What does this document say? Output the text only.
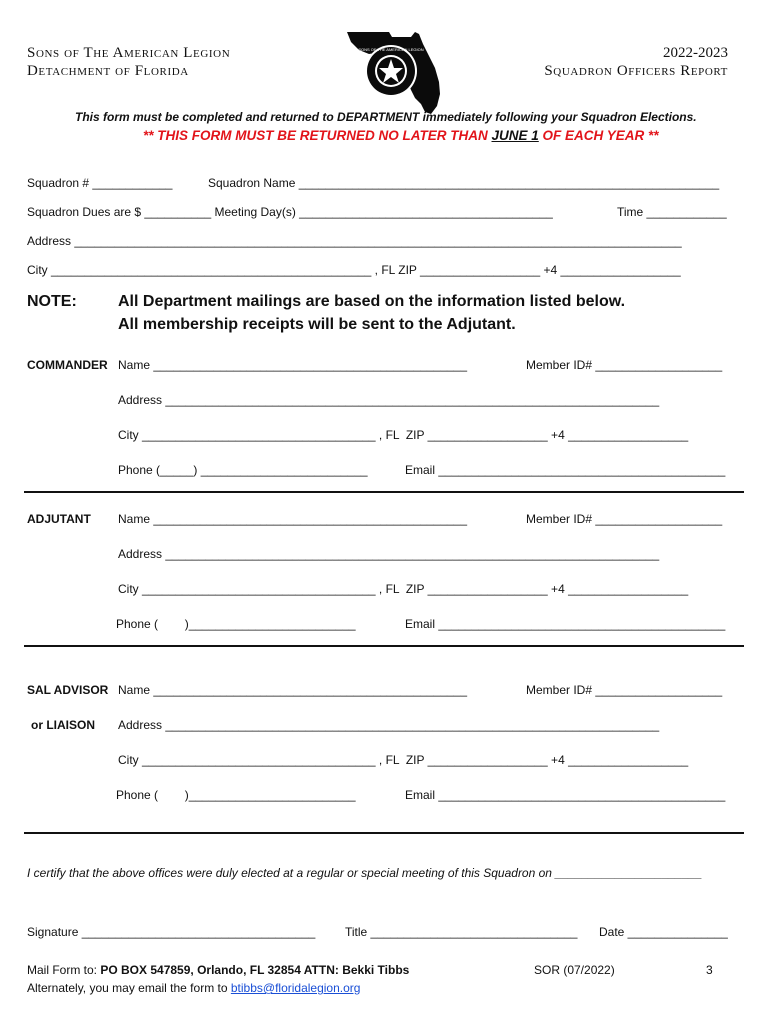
Sons of The American Legion
Detachment of Florida
2022-2023
Squadron Officers Report

SONS OF THE AMERICAN LEGION

This form must be completed and returned to DEPARTMENT immediately following your Squadron Elections.
** THIS FORM MUST BE RETURNED NO LATER THAN JUNE 1 OF EACH YEAR **
Squadron # ____________	Squadron Name _______________________________________________________________
Squadron Dues are $ __________ Meeting Day(s) ______________________________________	Time ____________
Address ___________________________________________________________________________________________
City ________________________________________________ , FL ZIP __________________ +4 __________________
NOTE:	All Department mailings are based on the information listed below.
All membership receipts will be sent to the Adjutant.
COMMANDER Name _______________________________________________	Member ID# ___________________
Address __________________________________________________________________________
City ___________________________________ , FL  ZIP __________________ +4 __________________
Phone (_____) _________________________	Email ___________________________________________
ADJUTANT Name _______________________________________________	Member ID# ___________________
Address __________________________________________________________________________
City ___________________________________ , FL  ZIP __________________ +4 __________________
Phone (        )_________________________	Email ___________________________________________
SAL ADVISOR
or LIAISON
Name _______________________________________________	Member ID# ___________________
Address __________________________________________________________________________
City ___________________________________ , FL  ZIP __________________ +4 __________________
Phone (        )_________________________	Email ___________________________________________
I certify that the above offices were duly elected at a regular or special meeting of this Squadron on ______________________
Signature ___________________________________ Title _______________________________ Date _______________
Mail Form to: PO BOX 547859, Orlando, FL 32854 ATTN: Bekki Tibbs
Alternately, you may email the form to btibbs@floridalegion.org
SOR (07/2022)	3
